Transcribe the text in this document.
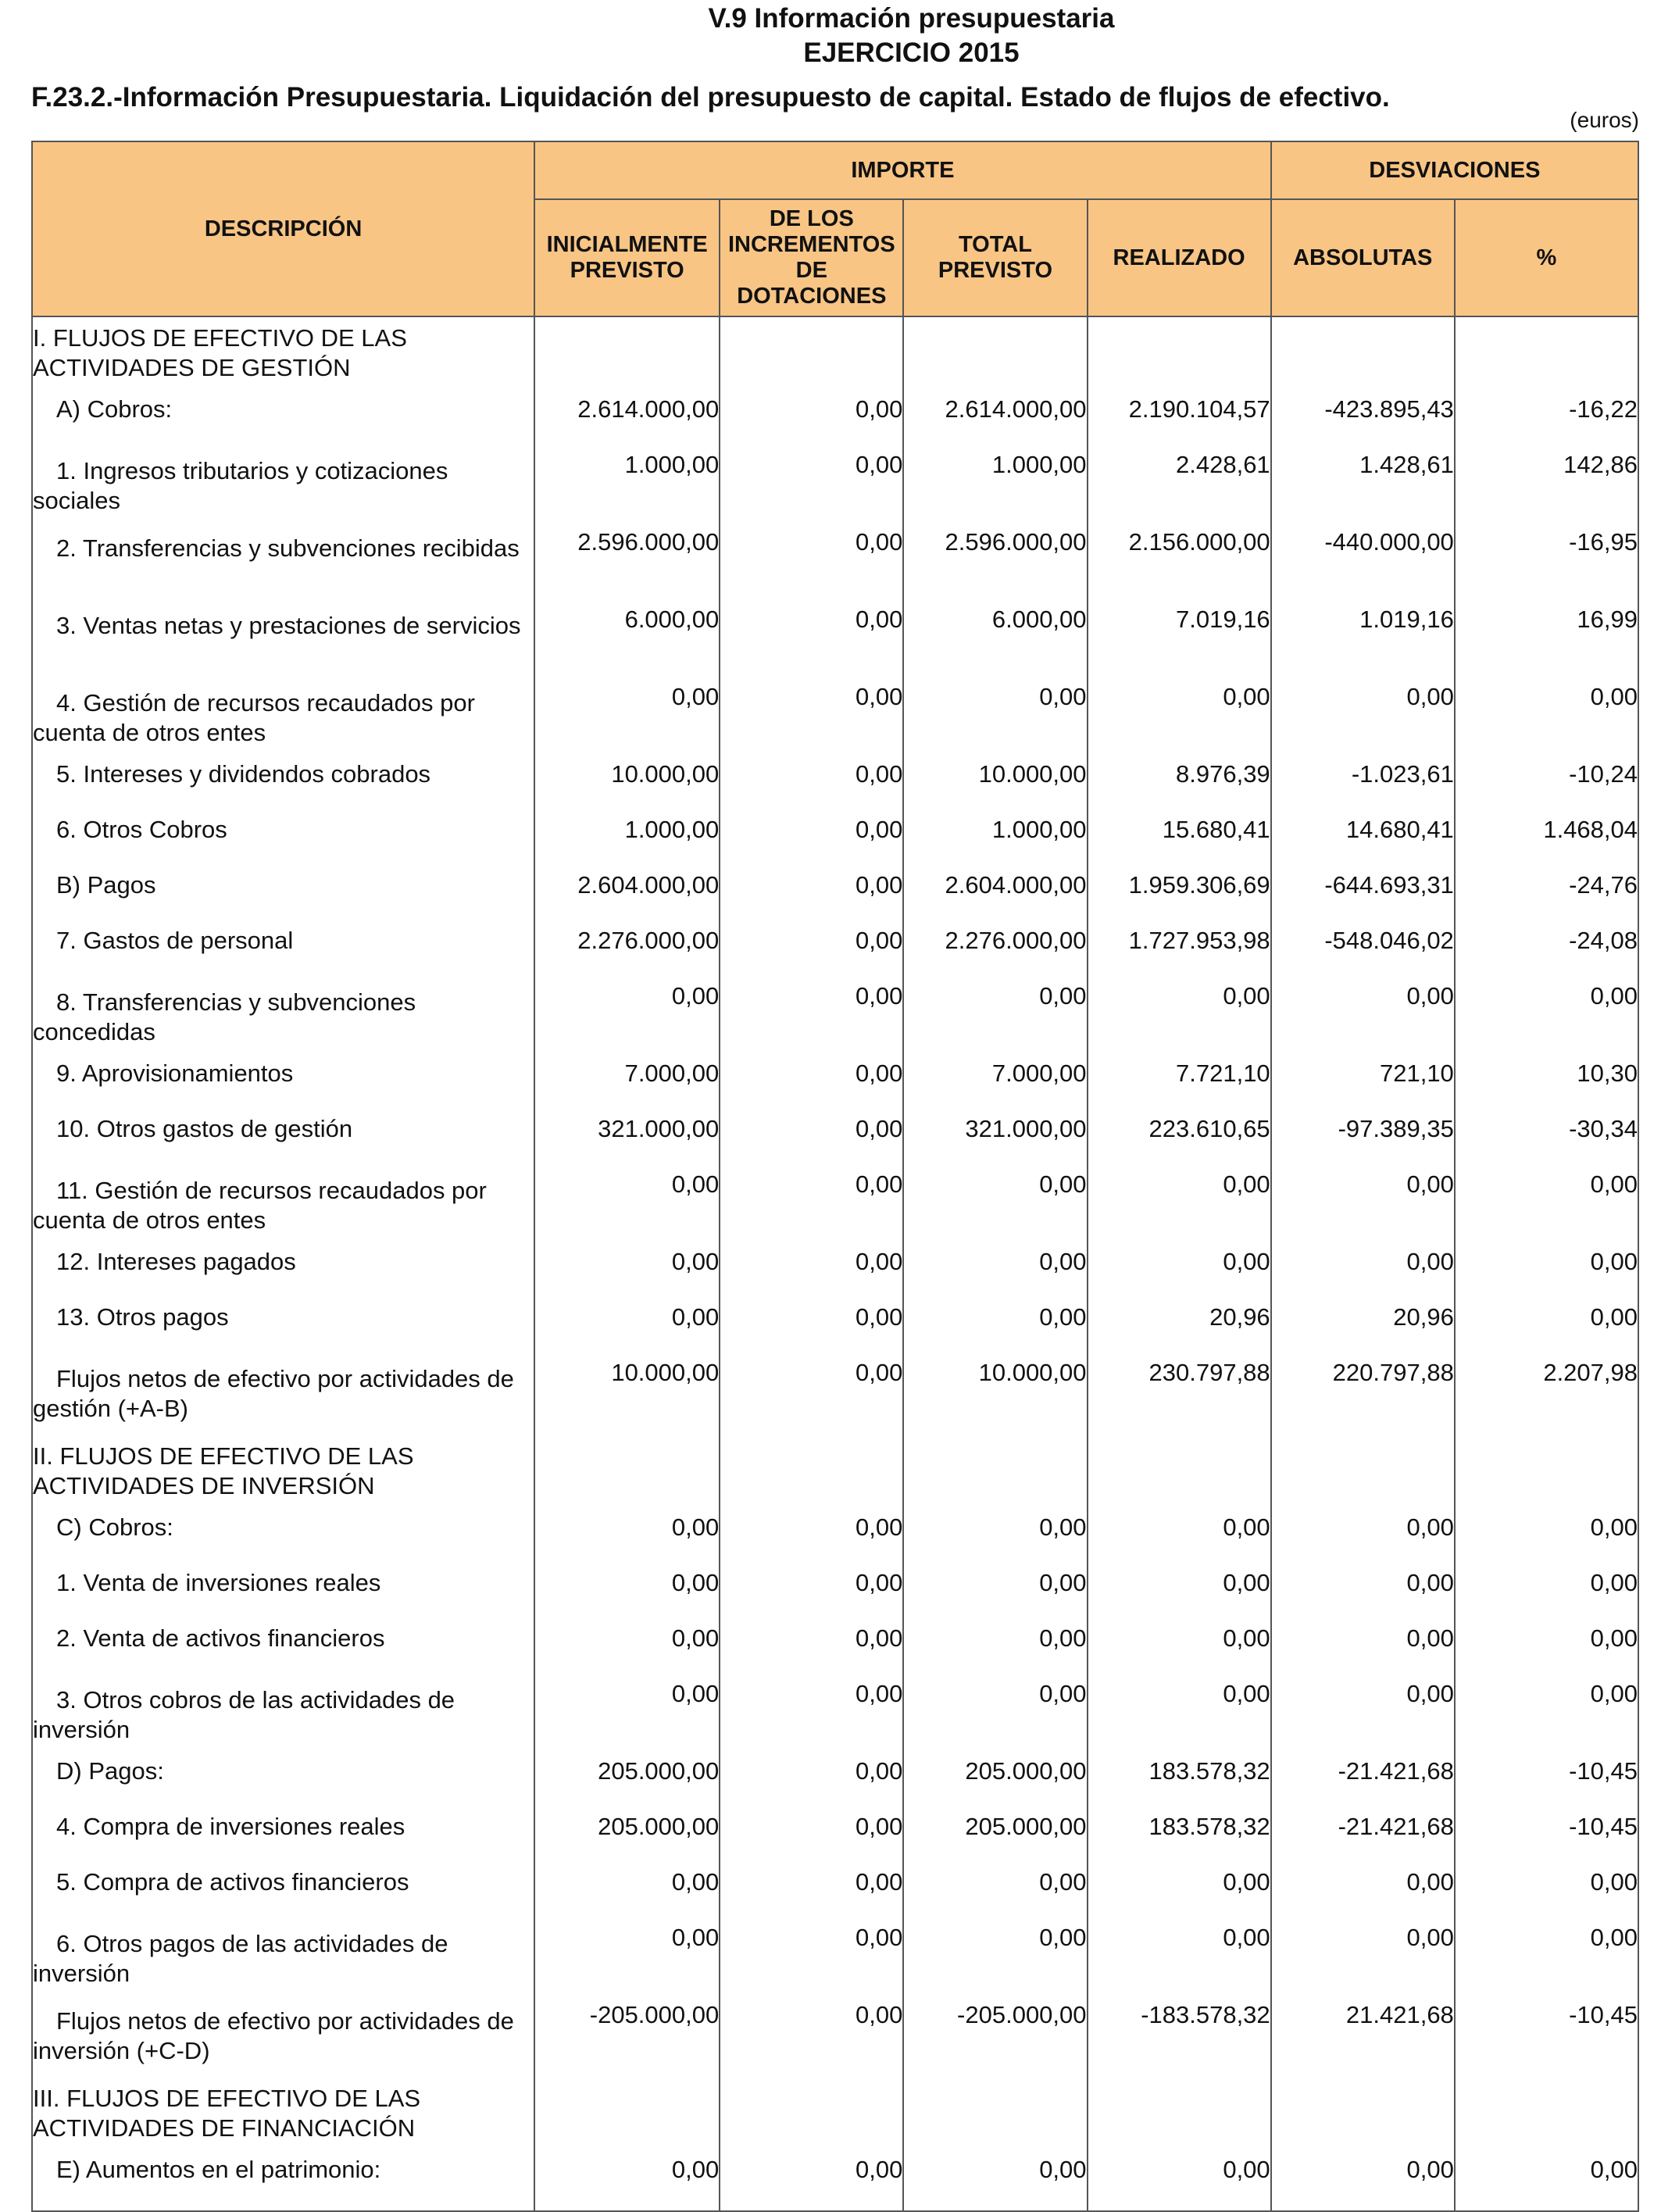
V.9 Información presupuestaria
EJERCICIO 2015
F.23.2.-Información Presupuestaria. Liquidación del presupuesto de capital. Estado de flujos de efectivo.
(euros)
DESCRIPCIÓN	IMPORTE				DESVIACIONES	
	INICIALMENTE PREVISTO	DE LOS INCREMENTOS DE DOTACIONES	TOTAL PREVISTO	REALIZADO	ABSOLUTAS	%
I. FLUJOS DE EFECTIVO DE LAS ACTIVIDADES DE GESTIÓN						
A) Cobros:	2.614.000,00	0,00	2.614.000,00	2.190.104,57	-423.895,43	-16,22
1. Ingresos tributarios y cotizaciones sociales	1.000,00	0,00	1.000,00	2.428,61	1.428,61	142,86
2. Transferencias y subvenciones recibidas	2.596.000,00	0,00	2.596.000,00	2.156.000,00	-440.000,00	-16,95
3. Ventas netas y prestaciones de servicios	6.000,00	0,00	6.000,00	7.019,16	1.019,16	16,99
4. Gestión de recursos recaudados por cuenta de otros entes	0,00	0,00	0,00	0,00	0,00	0,00
5. Intereses y dividendos cobrados	10.000,00	0,00	10.000,00	8.976,39	-1.023,61	-10,24
6. Otros Cobros	1.000,00	0,00	1.000,00	15.680,41	14.680,41	1.468,04
B) Pagos	2.604.000,00	0,00	2.604.000,00	1.959.306,69	-644.693,31	-24,76
7. Gastos de personal	2.276.000,00	0,00	2.276.000,00	1.727.953,98	-548.046,02	-24,08
8. Transferencias y subvenciones concedidas	0,00	0,00	0,00	0,00	0,00	0,00
9. Aprovisionamientos	7.000,00	0,00	7.000,00	7.721,10	721,10	10,30
10. Otros gastos de gestión	321.000,00	0,00	321.000,00	223.610,65	-97.389,35	-30,34
11. Gestión de recursos recaudados por cuenta de otros entes	0,00	0,00	0,00	0,00	0,00	0,00
12. Intereses pagados	0,00	0,00	0,00	0,00	0,00	0,00
13. Otros pagos	0,00	0,00	0,00	20,96	20,96	0,00
Flujos netos de efectivo por actividades de gestión (+A-B)	10.000,00	0,00	10.000,00	230.797,88	220.797,88	2.207,98
II. FLUJOS DE EFECTIVO DE LAS ACTIVIDADES DE INVERSIÓN						
C) Cobros:	0,00	0,00	0,00	0,00	0,00	0,00
1. Venta de inversiones reales	0,00	0,00	0,00	0,00	0,00	0,00
2. Venta de activos financieros	0,00	0,00	0,00	0,00	0,00	0,00
3. Otros cobros de las actividades de inversión	0,00	0,00	0,00	0,00	0,00	0,00
D) Pagos:	205.000,00	0,00	205.000,00	183.578,32	-21.421,68	-10,45
4. Compra de inversiones reales	205.000,00	0,00	205.000,00	183.578,32	-21.421,68	-10,45
5. Compra de activos financieros	0,00	0,00	0,00	0,00	0,00	0,00
6. Otros pagos de las actividades de inversión	0,00	0,00	0,00	0,00	0,00	0,00
Flujos netos de efectivo por actividades de inversión (+C-D)	-205.000,00	0,00	-205.000,00	-183.578,32	21.421,68	-10,45
III. FLUJOS DE EFECTIVO DE LAS ACTIVIDADES DE FINANCIACIÓN						
E) Aumentos en el patrimonio:	0,00	0,00	0,00	0,00	0,00	0,00
